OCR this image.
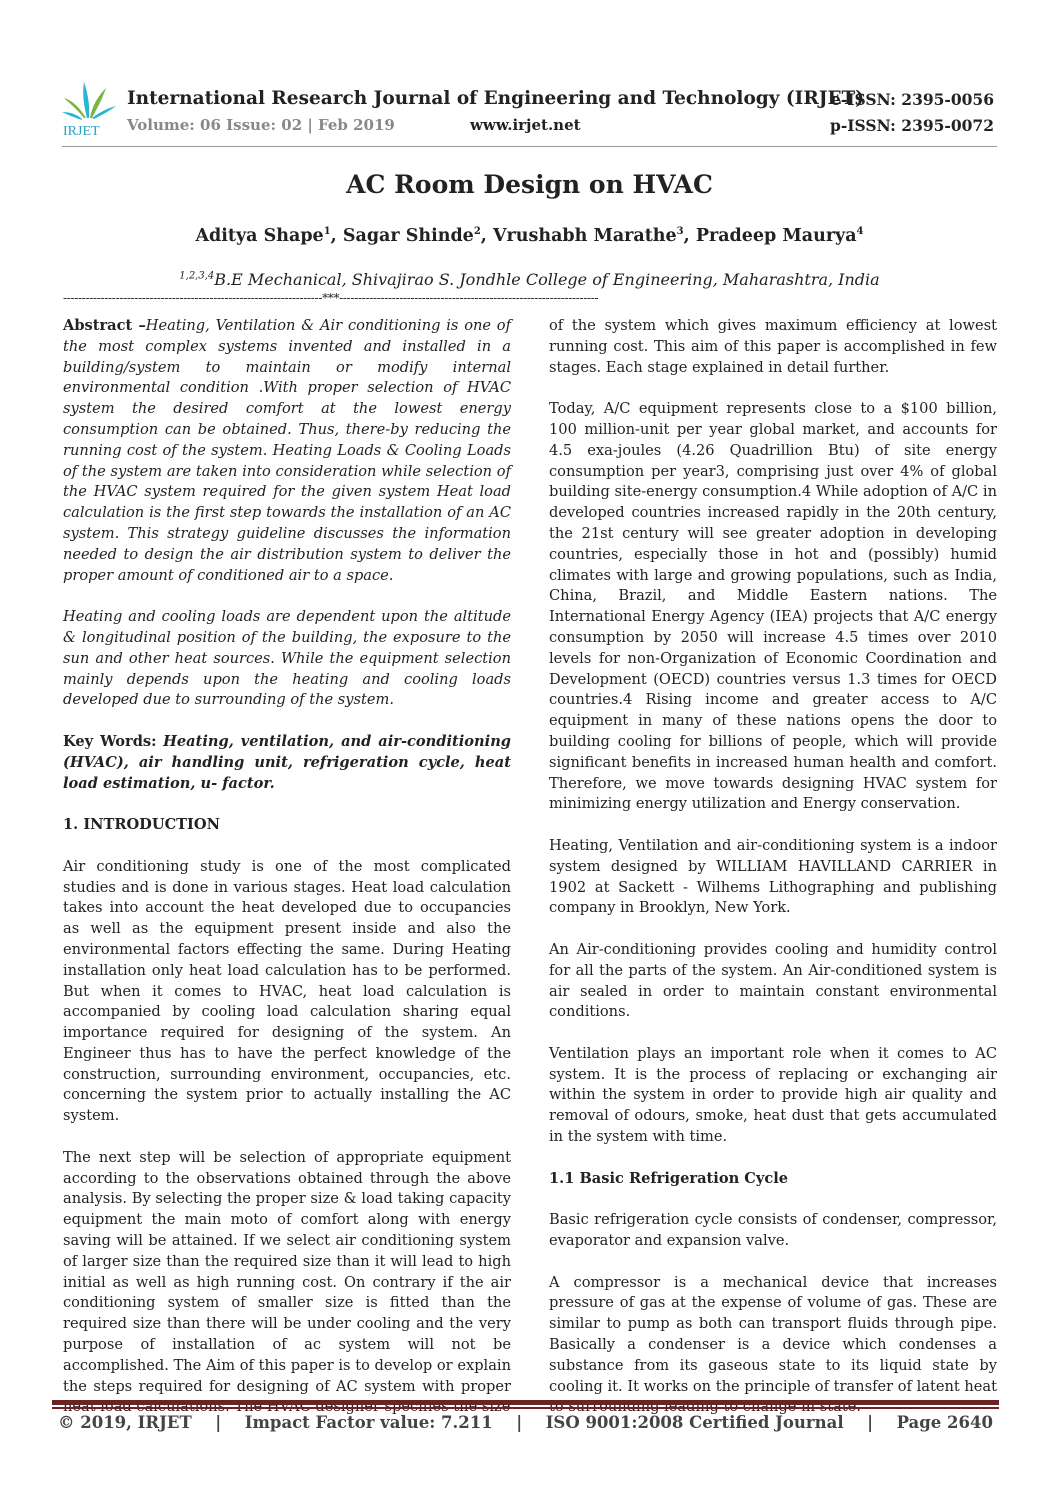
IRJET
International Research Journal of Engineering and Technology (IRJET)
Volume: 06 Issue: 02 | Feb 2019	www.irjet.net
e-ISSN: 2395-0056
p-ISSN: 2395-0072
AC Room Design on HVAC
Aditya Shape$^1$, Sagar Shinde$^2$, Vrushabh Marathe$^3$, Pradeep Maurya$^4$
$^{1,2,3,4}$B.E Mechanical, Shivajirao S. Jondhle College of Engineering, Maharashtra, India
---------------------------------------------------------------------***---------------------------------------------------------------------

Abstract –Heating, Ventilation & Air conditioning is one of the most complex systems invented and installed in a building/system to maintain or modify internal environmental condition .With proper selection of HVAC system the desired comfort at the lowest energy consumption can be obtained. Thus, there-by reducing the running cost of the system. Heating Loads & Cooling Loads of the system are taken into consideration while selection of the HVAC system required for the given system Heat load calculation is the first step towards the installation of an AC system. This strategy guideline discusses the information needed to design the air distribution system to deliver the proper amount of conditioned air to a space.

Heating and cooling loads are dependent upon the altitude & longitudinal position of the building, the exposure to the sun and other heat sources. While the equipment selection mainly depends upon the heating and cooling loads developed due to surrounding of the system.

Key Words: Heating, ventilation, and air-conditioning (HVAC), air handling unit, refrigeration cycle, heat load estimation, u- factor.

1. INTRODUCTION

Air conditioning study is one of the most complicated studies and is done in various stages. Heat load calculation takes into account the heat developed due to occupancies as well as the equipment present inside and also the environmental factors effecting the same. During Heating installation only heat load calculation has to be performed. But when it comes to HVAC, heat load calculation is accompanied by cooling load calculation sharing equal importance required for designing of the system. An Engineer thus has to have the perfect knowledge of the construction, surrounding environment, occupancies, etc. concerning the system prior to actually installing the AC system.

The next step will be selection of appropriate equipment according to the observations obtained through the above analysis. By selecting the proper size & load taking capacity equipment the main moto of comfort along with energy saving will be attained. If we select air conditioning system of larger size than the required size than it will lead to high initial as well as high running cost. On contrary if the air conditioning system of smaller size is fitted than the required size than there will be under cooling and the very purpose of installation of ac system will not be accomplished. The Aim of this paper is to develop or explain the steps required for designing of AC system with proper

of the system which gives maximum efficiency at lowest running cost. This aim of this paper is accomplished in few stages. Each stage explained in detail further.

Today, A/C equipment represents close to a $100 billion, 100 million-unit per year global market, and accounts for 4.5 exa-joules (4.26 Quadrillion Btu) of site energy consumption per year3, comprising just over 4% of global building site-energy consumption.4 While adoption of A/C in developed countries increased rapidly in the 20th century, the 21st century will see greater adoption in developing countries, especially those in hot and (possibly) humid climates with large and growing populations, such as India, China, Brazil, and Middle Eastern nations. The International Energy Agency (IEA) projects that A/C energy consumption by 2050 will increase 4.5 times over 2010 levels for non-Organization of Economic Coordination and Development (OECD) countries versus 1.3 times for OECD countries.4 Rising income and greater access to A/C equipment in many of these nations opens the door to building cooling for billions of people, which will provide significant benefits in increased human health and comfort. Therefore, we move towards designing HVAC system for minimizing energy utilization and Energy conservation.

Heating, Ventilation and air-conditioning system is a indoor system designed by WILLIAM HAVILLAND CARRIER in 1902 at Sackett - Wilhems Lithographing and publishing company in Brooklyn, New York.

An Air-conditioning provides cooling and humidity control for all the parts of the system. An Air-conditioned system is air sealed in order to maintain constant environmental conditions.

Ventilation plays an important role when it comes to AC system. It is the process of replacing or exchanging air within the system in order to provide high air quality and removal of odours, smoke, heat dust that gets accumulated in the system with time.

1.1 Basic Refrigeration Cycle

Basic refrigeration cycle consists of condenser, compressor, evaporator and expansion valve.

A compressor is a mechanical device that increases pressure of gas at the expense of volume of gas. These are similar to pump as both can transport fluids through pipe. Basically a condenser is a device which condenses a substance from its gaseous state to its liquid state by cooling it. It works on the principle of transfer of latent heat

© 2019, IRJET | Impact Factor value: 7.211 | ISO 9001:2008 Certified Journal | Page 2640
